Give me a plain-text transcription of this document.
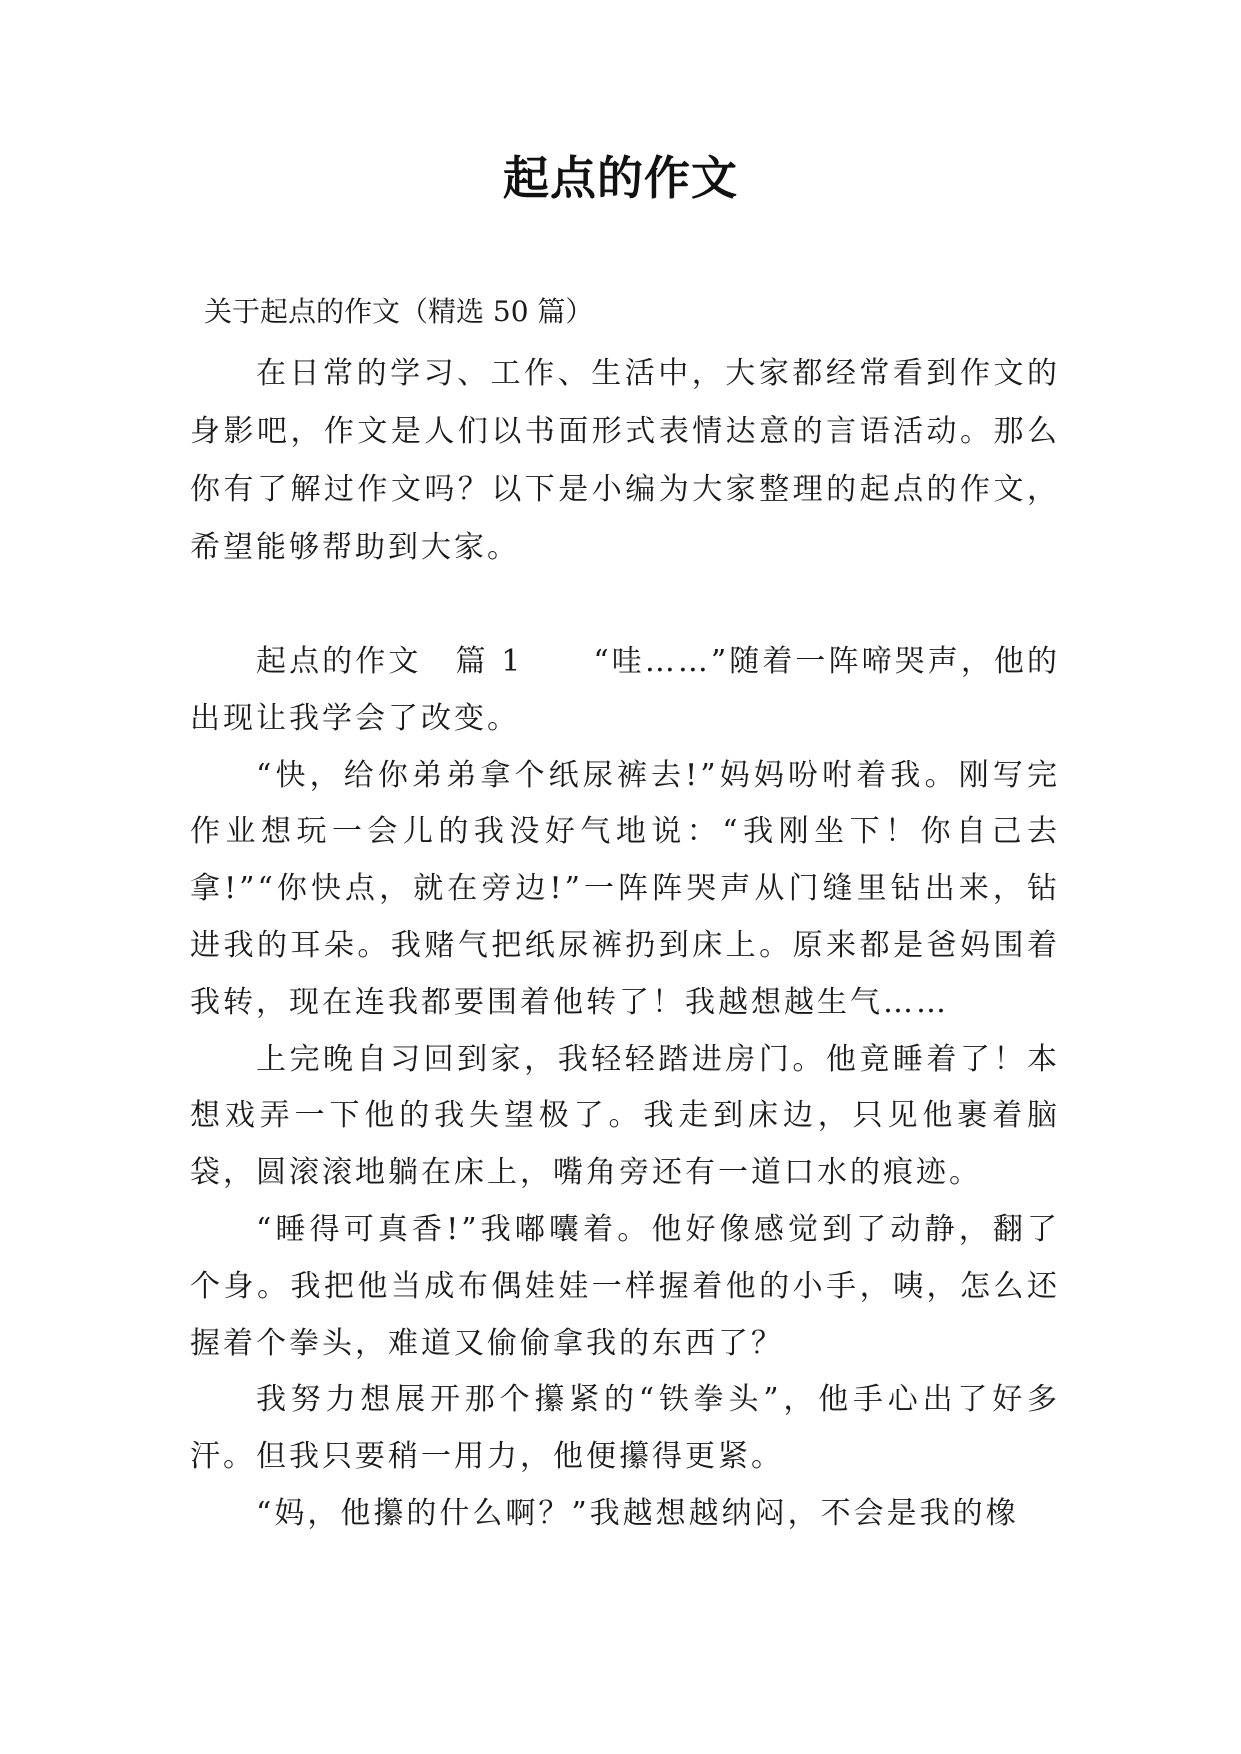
起点的作文
关于起点的作文（精选 50 篇）

在日常的学习、工作、生活中，大家都经常看到作文的身影吧，作文是人们以书面形式表情达意的言语活动。那么你有了解过作文吗？以下是小编为大家整理的起点的作文，希望能够帮助到大家。

起点的作文 篇 1 “哇……”随着一阵啼哭声，他的出现让我学会了改变。

“快，给你弟弟拿个纸尿裤去!”妈妈吩咐着我。刚写完作业想玩一会儿的我没好气地说：“我刚坐下！你自己去拿!”“你快点，就在旁边!”一阵阵哭声从门缝里钻出来，钻进我的耳朵。我赌气把纸尿裤扔到床上。原来都是爸妈围着我转，现在连我都要围着他转了！我越想越生气……

上完晚自习回到家，我轻轻踏进房门。他竟睡着了！本想戏弄一下他的我失望极了。我走到床边，只见他裹着脑袋，圆滚滚地躺在床上，嘴角旁还有一道口水的痕迹。

“睡得可真香!”我嘟囔着。他好像感觉到了动静，翻了个身。我把他当成布偶娃娃一样握着他的小手，咦，怎么还握着个拳头，难道又偷偷拿我的东西了？

我努力想展开那个攥紧的“铁拳头”，他手心出了好多汗。但我只要稍一用力，他便攥得更紧。

“妈，他攥的什么啊？”我越想越纳闷，不会是我的橡
